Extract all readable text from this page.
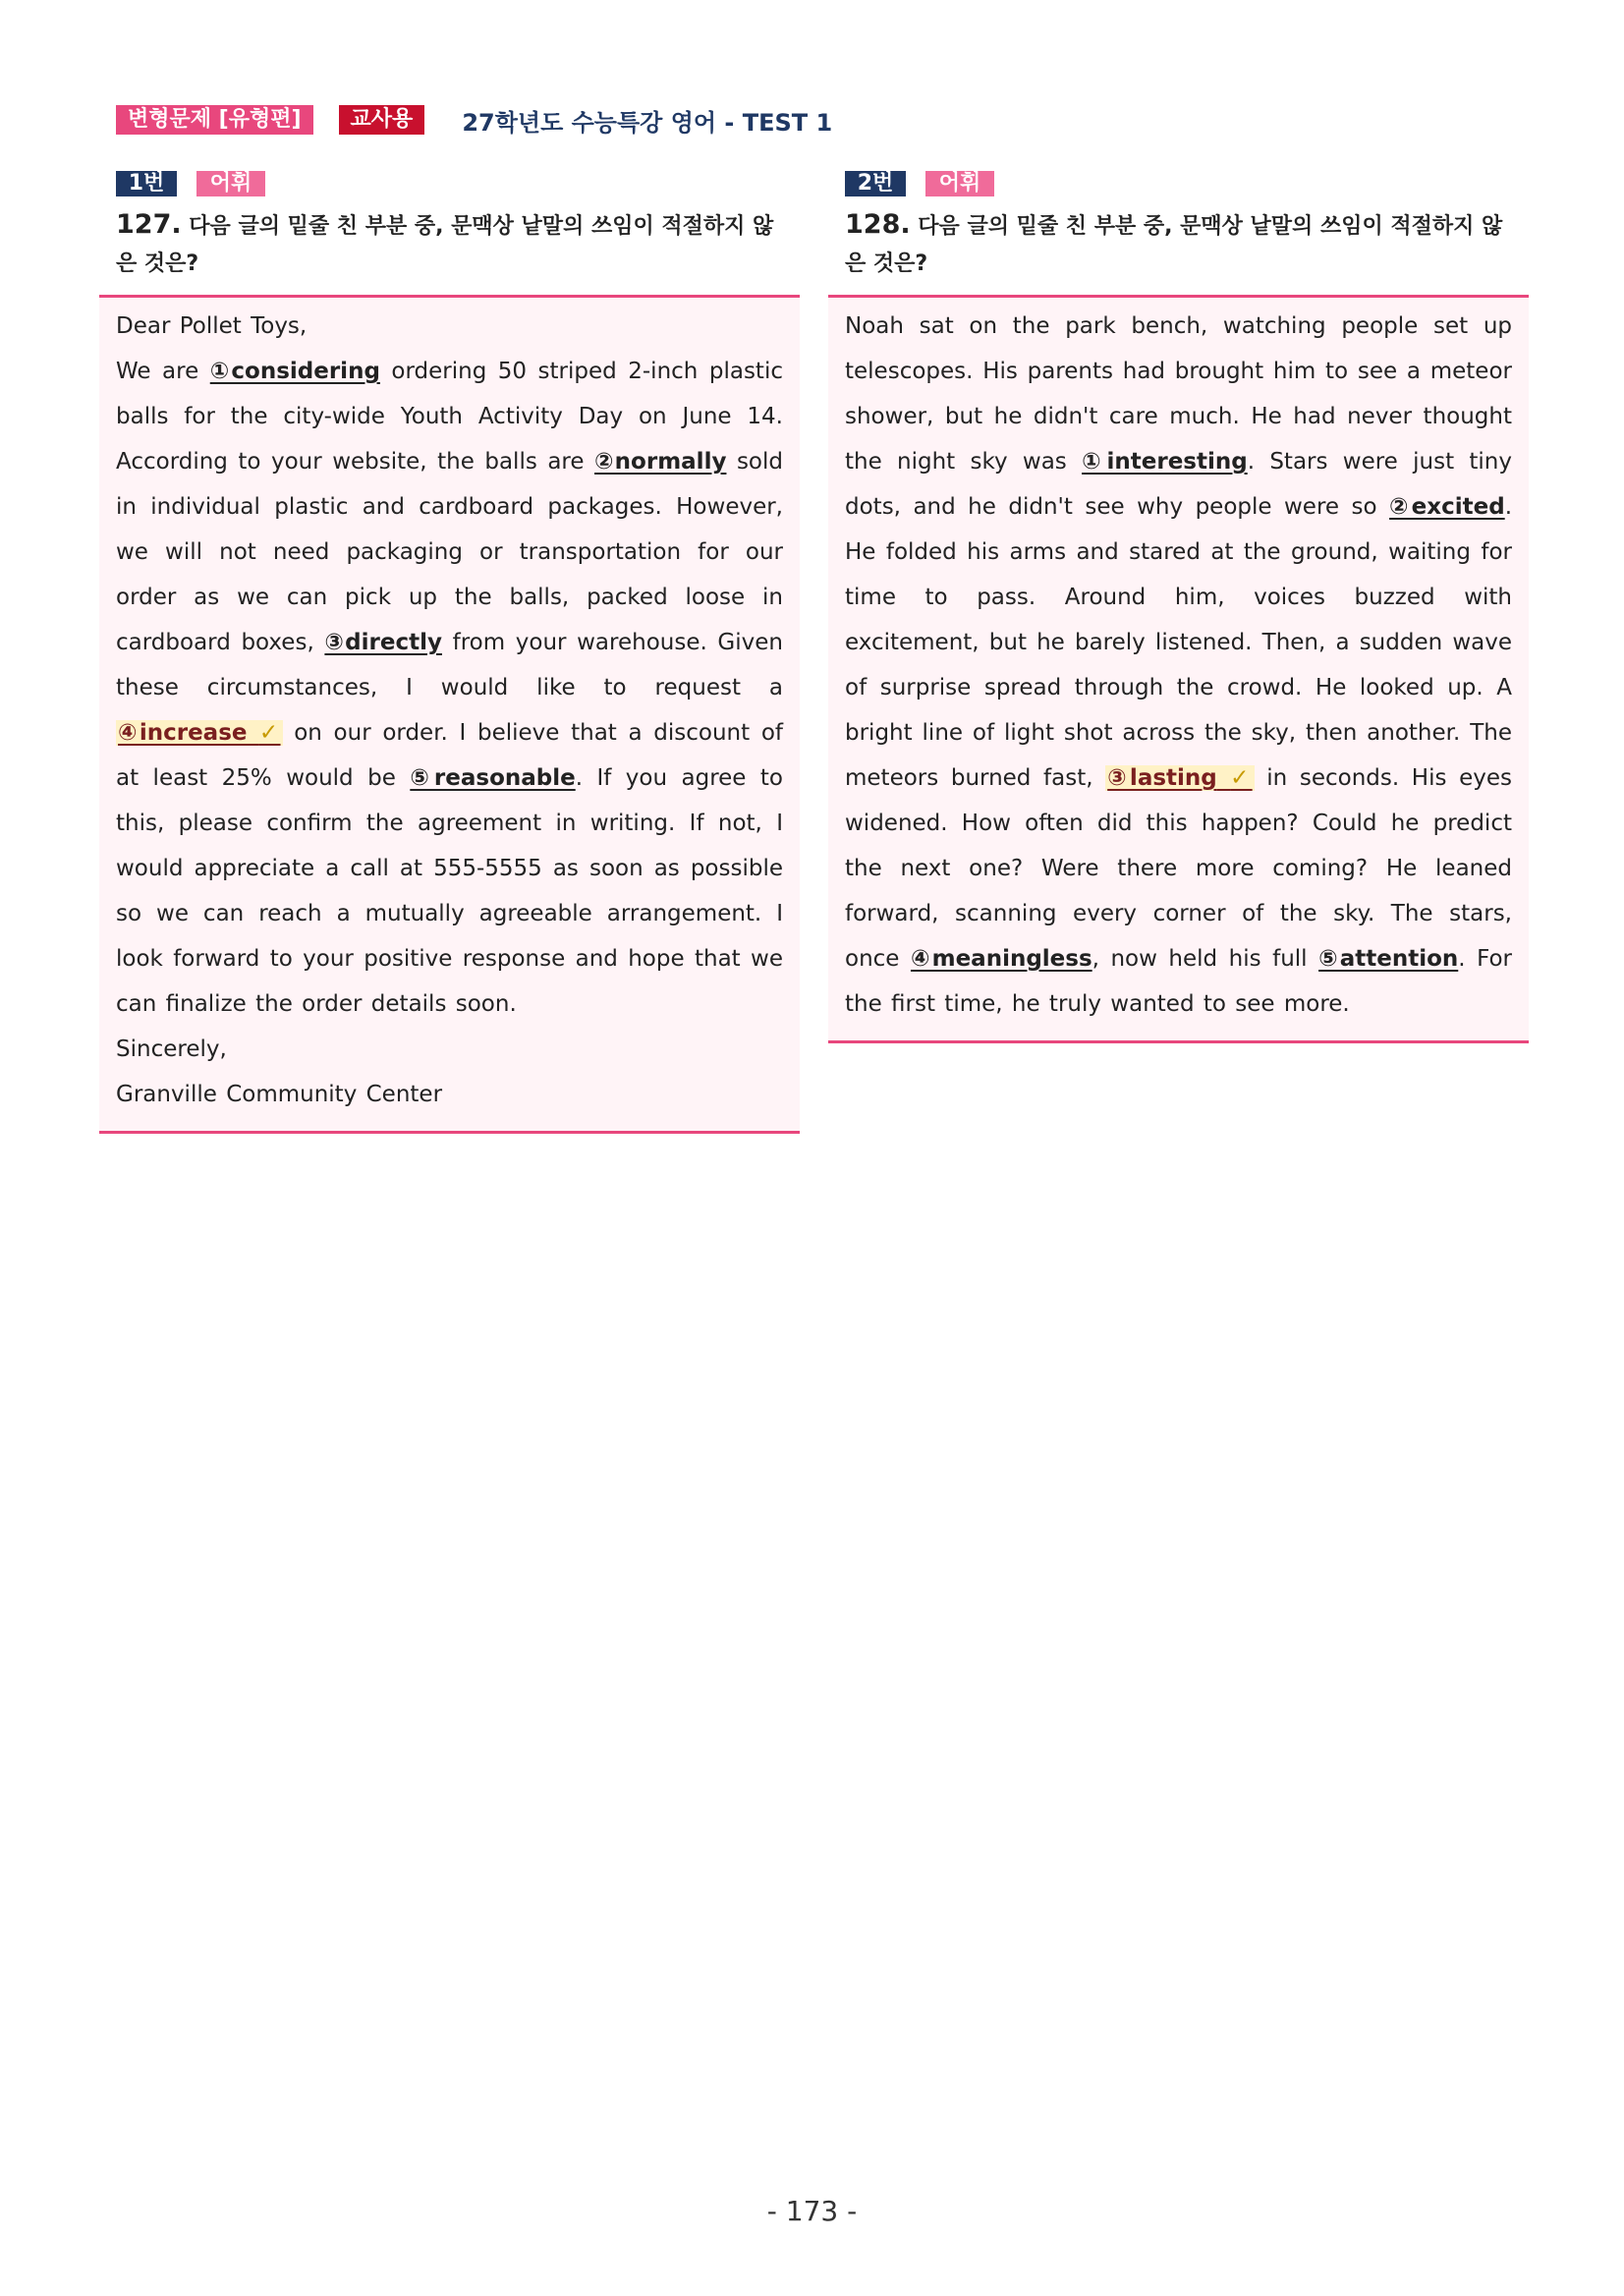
변형문제 [유형편]	교사용	27학년도 수능특강 영어 - TEST 1
1번	어휘
127. 다음 글의 밑줄 친 부분 중, 문맥상 낱말의 쓰임이 적절하지 않은 것은?

Dear Pollet Toys,

We are ①considering ordering 50 striped 2-inch plastic balls for the city-wide Youth Activity Day on June 14. According to your website, the balls are ②normally sold in individual plastic and cardboard packages. However, we will not need packaging or transportation for our order as we can pick up the balls, packed loose in cardboard boxes, ③directly from your warehouse. Given these circumstances, I would like to request a ④increase ✓ on our order. I believe that a discount of at least 25% would be ⑤reasonable. If you agree to this, please confirm the agreement in writing. If not, I would appreciate a call at 555-5555 as soon as possible so we can reach a mutually agreeable arrangement. I look forward to your positive response and hope that we can finalize the order details soon.

Sincerely,

Granville Community Center

2번	어휘
128. 다음 글의 밑줄 친 부분 중, 문맥상 낱말의 쓰임이 적절하지 않은 것은?

Noah sat on the park bench, watching people set up telescopes. His parents had brought him to see a meteor shower, but he didn't care much. He had never thought the night sky was ①interesting. Stars were just tiny dots, and he didn't see why people were so ②excited. He folded his arms and stared at the ground, waiting for time to pass. Around him, voices buzzed with excitement, but he barely listened. Then, a sudden wave of surprise spread through the crowd. He looked up. A bright line of light shot across the sky, then another. The meteors burned fast, ③lasting ✓ in seconds. His eyes widened. How often did this happen? Could he predict the next one? Were there more coming? He leaned forward, scanning every corner of the sky. The stars, once ④meaningless, now held his full ⑤attention. For the first time, he truly wanted to see more.

- 173 -
